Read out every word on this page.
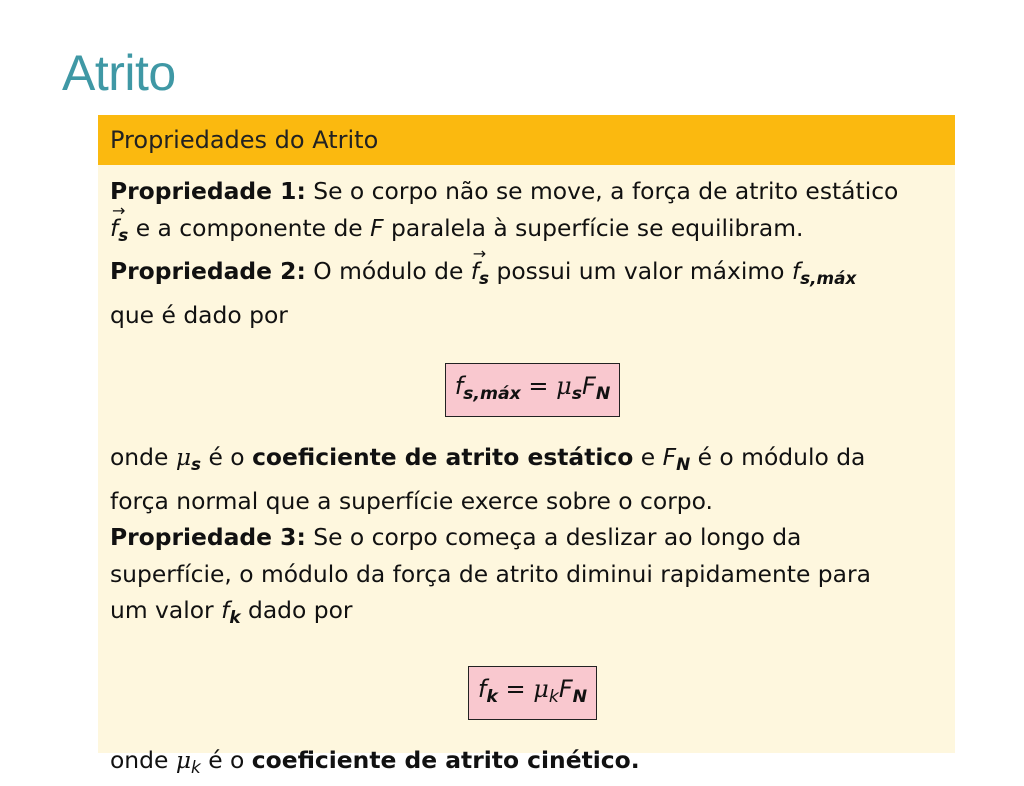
Atrito
Propriedades do Atrito

Propriedade 1: Se o corpo não se move, a força de atrito estático
→ $f_s$ e a componente de F paralela à superfície se equilibram.

Propriedade 2: O módulo de → $f_s$ possui um valor máximo $f_{s,máx}$
que é dado por

$f_{s,máx} = \mu_sF_N$

onde $\mu_s$ é o coeficiente de atrito estático e $F_N$ é o módulo da
força normal que a superfície exerce sobre o corpo.

Propriedade 3: Se o corpo começa a deslizar ao longo da
superfície, o módulo da força de atrito diminui rapidamente para
um valor $f_k$ dado por

$f_k = \mu_kF_N$

onde $\mu_k$ é o coeficiente de atrito cinético.
